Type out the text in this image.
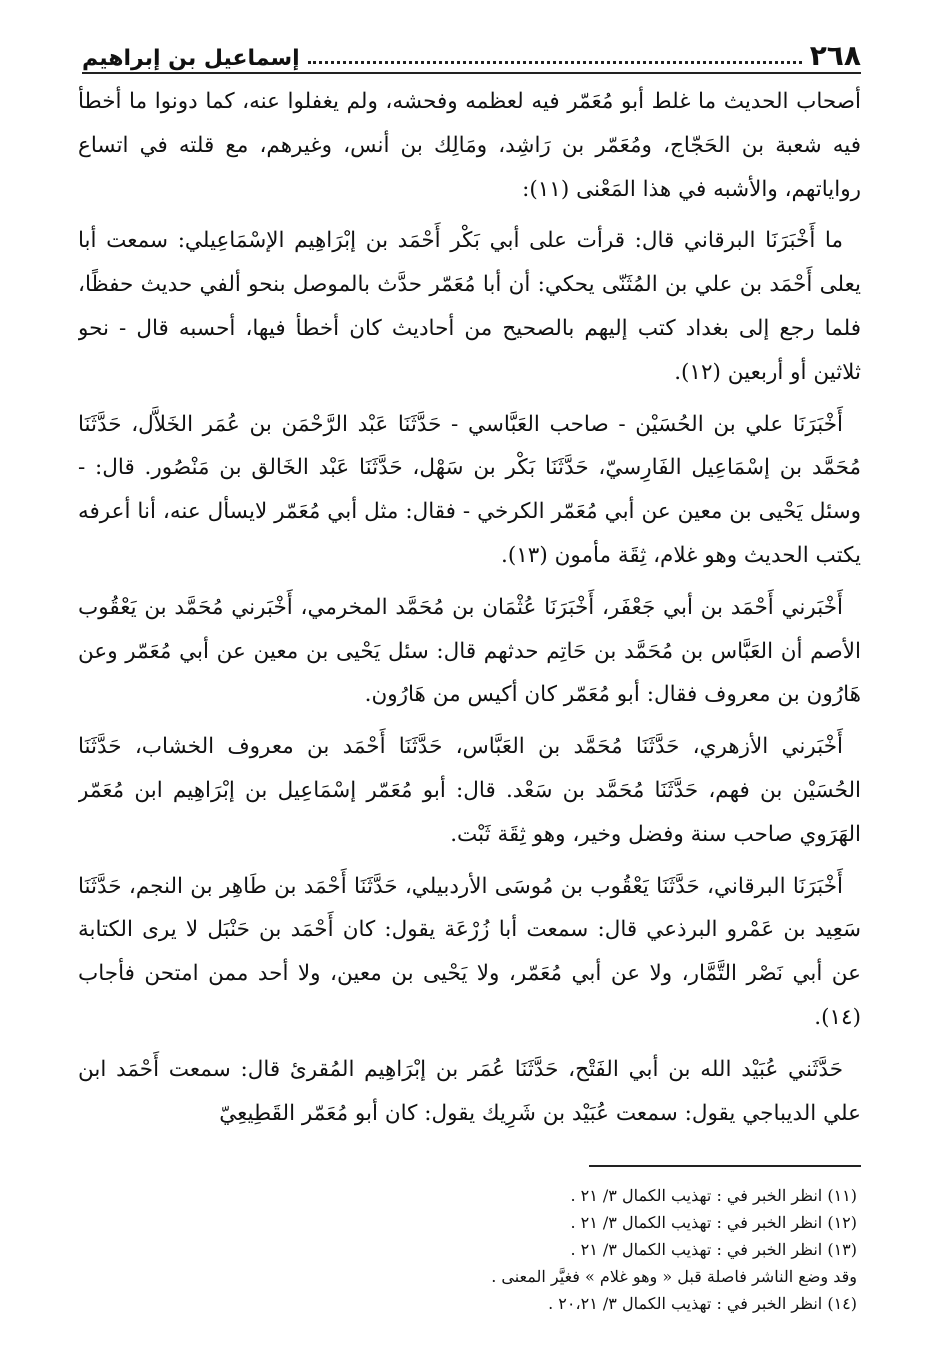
٢٦٨
إسماعيل بن إبراهيم

أصحاب الحديث ما غلط أبو مُعَمّر فيه لعظمه وفحشه، ولم يغفلوا عنه، كما دونوا ما أخطأ فيه شعبة بن الحَجّاج، ومُعَمّر بن رَاشِد، ومَالِك بن أنس، وغيرهم، مع قلته في اتساع رواياتهم، والأشبه في هذا المَعْنى (١١):

ما أَخْبَرَنَا البرقاني قال: قرأت على أبي بَكْر أَحْمَد بن إبْرَاهِيم الإسْمَاعِيلي: سمعت أبا يعلى أَحْمَد بن علي بن المُثَنّى يحكي: أن أبا مُعَمّر حدَّث بالموصل بنحو ألفي حديث حفظًا، فلما رجع إلى بغداد كتب إليهم بالصحيح من أحاديث كان أخطأ فيها، أحسبه قال - نحو ثلاثين أو أربعين (١٢).

أَخْبَرَنَا علي بن الحُسَيْن - صاحب العَبَّاسي - حَدَّثَنَا عَبْد الرَّحْمَن بن عُمَر الخَلاَّل، حَدَّثَنَا مُحَمَّد بن إسْمَاعِيل الفَارِسيّ، حَدَّثَنَا بَكْر بن سَهْل، حَدَّثَنَا عَبْد الخَالق بن مَنْصُور. قال: - وسئل يَحْيى بن معين عن أبي مُعَمّر الكرخي - فقال: مثل أبي مُعَمّر لايسأل عنه، أنا أعرفه يكتب الحديث وهو غلام، ثِقَة مأمون (١٣).

أَخْبَرني أَحْمَد بن أبي جَعْفَر، أَخْبَرَنَا عُثْمَان بن مُحَمَّد المخرمي، أَخْبَرني مُحَمَّد بن يَعْقُوب الأصم أن العَبَّاس بن مُحَمَّد بن حَاتِم حدثهم قال: سئل يَحْيى بن معين عن أبي مُعَمّر وعن هَارُون بن معروف فقال: أبو مُعَمّر كان أكيس من هَارُون.

أَخْبَرني الأزهري، حَدَّثَنَا مُحَمَّد بن العَبَّاس، حَدَّثَنَا أَحْمَد بن معروف الخشاب، حَدَّثَنَا الحُسَيْن بن فهم، حَدَّثَنَا مُحَمَّد بن سَعْد. قال: أبو مُعَمّر إسْمَاعِيل بن إبْرَاهِيم ابن مُعَمّر الهَرَوي صاحب سنة وفضل وخير، وهو ثِقَة ثَبْت.

أَخْبَرَنَا البرقاني، حَدَّثَنَا يَعْقُوب بن مُوسَى الأردبيلي، حَدَّثَنَا أَحْمَد بن طَاهِر بن النجم، حَدَّثَنَا سَعِيد بن عَمْرو البرذعي قال: سمعت أبا زُرْعَة يقول: كان أَحْمَد بن حَنْبَل لا يرى الكتابة عن أبي نَصْر التَّمَّار، ولا عن أبي مُعَمّر، ولا يَحْيى بن معين، ولا أحد ممن امتحن فأجاب (١٤).

حَدَّثَني عُبَيْد الله بن أبي الفَتْح، حَدَّثَنَا عُمَر بن إبْرَاهِيم المُقرئ قال: سمعت أَحْمَد ابن علي الديباجي يقول: سمعت عُبَيْد بن شَرِيك يقول: كان أبو مُعَمّر القَطِيعِيّ

(١١) انظر الخبر في : تهذيب الكمال ٣/ ٢١ .

(١٢) انظر الخبر في : تهذيب الكمال ٣/ ٢١ .

(١٣) انظر الخبر في : تهذيب الكمال ٣/ ٢١ .

وقد وضع الناشر فاصلة قبل « وهو غلام » فغيَّر المعنى .

(١٤) انظر الخبر في : تهذيب الكمال ٣/ ٢٠،٢١ .
